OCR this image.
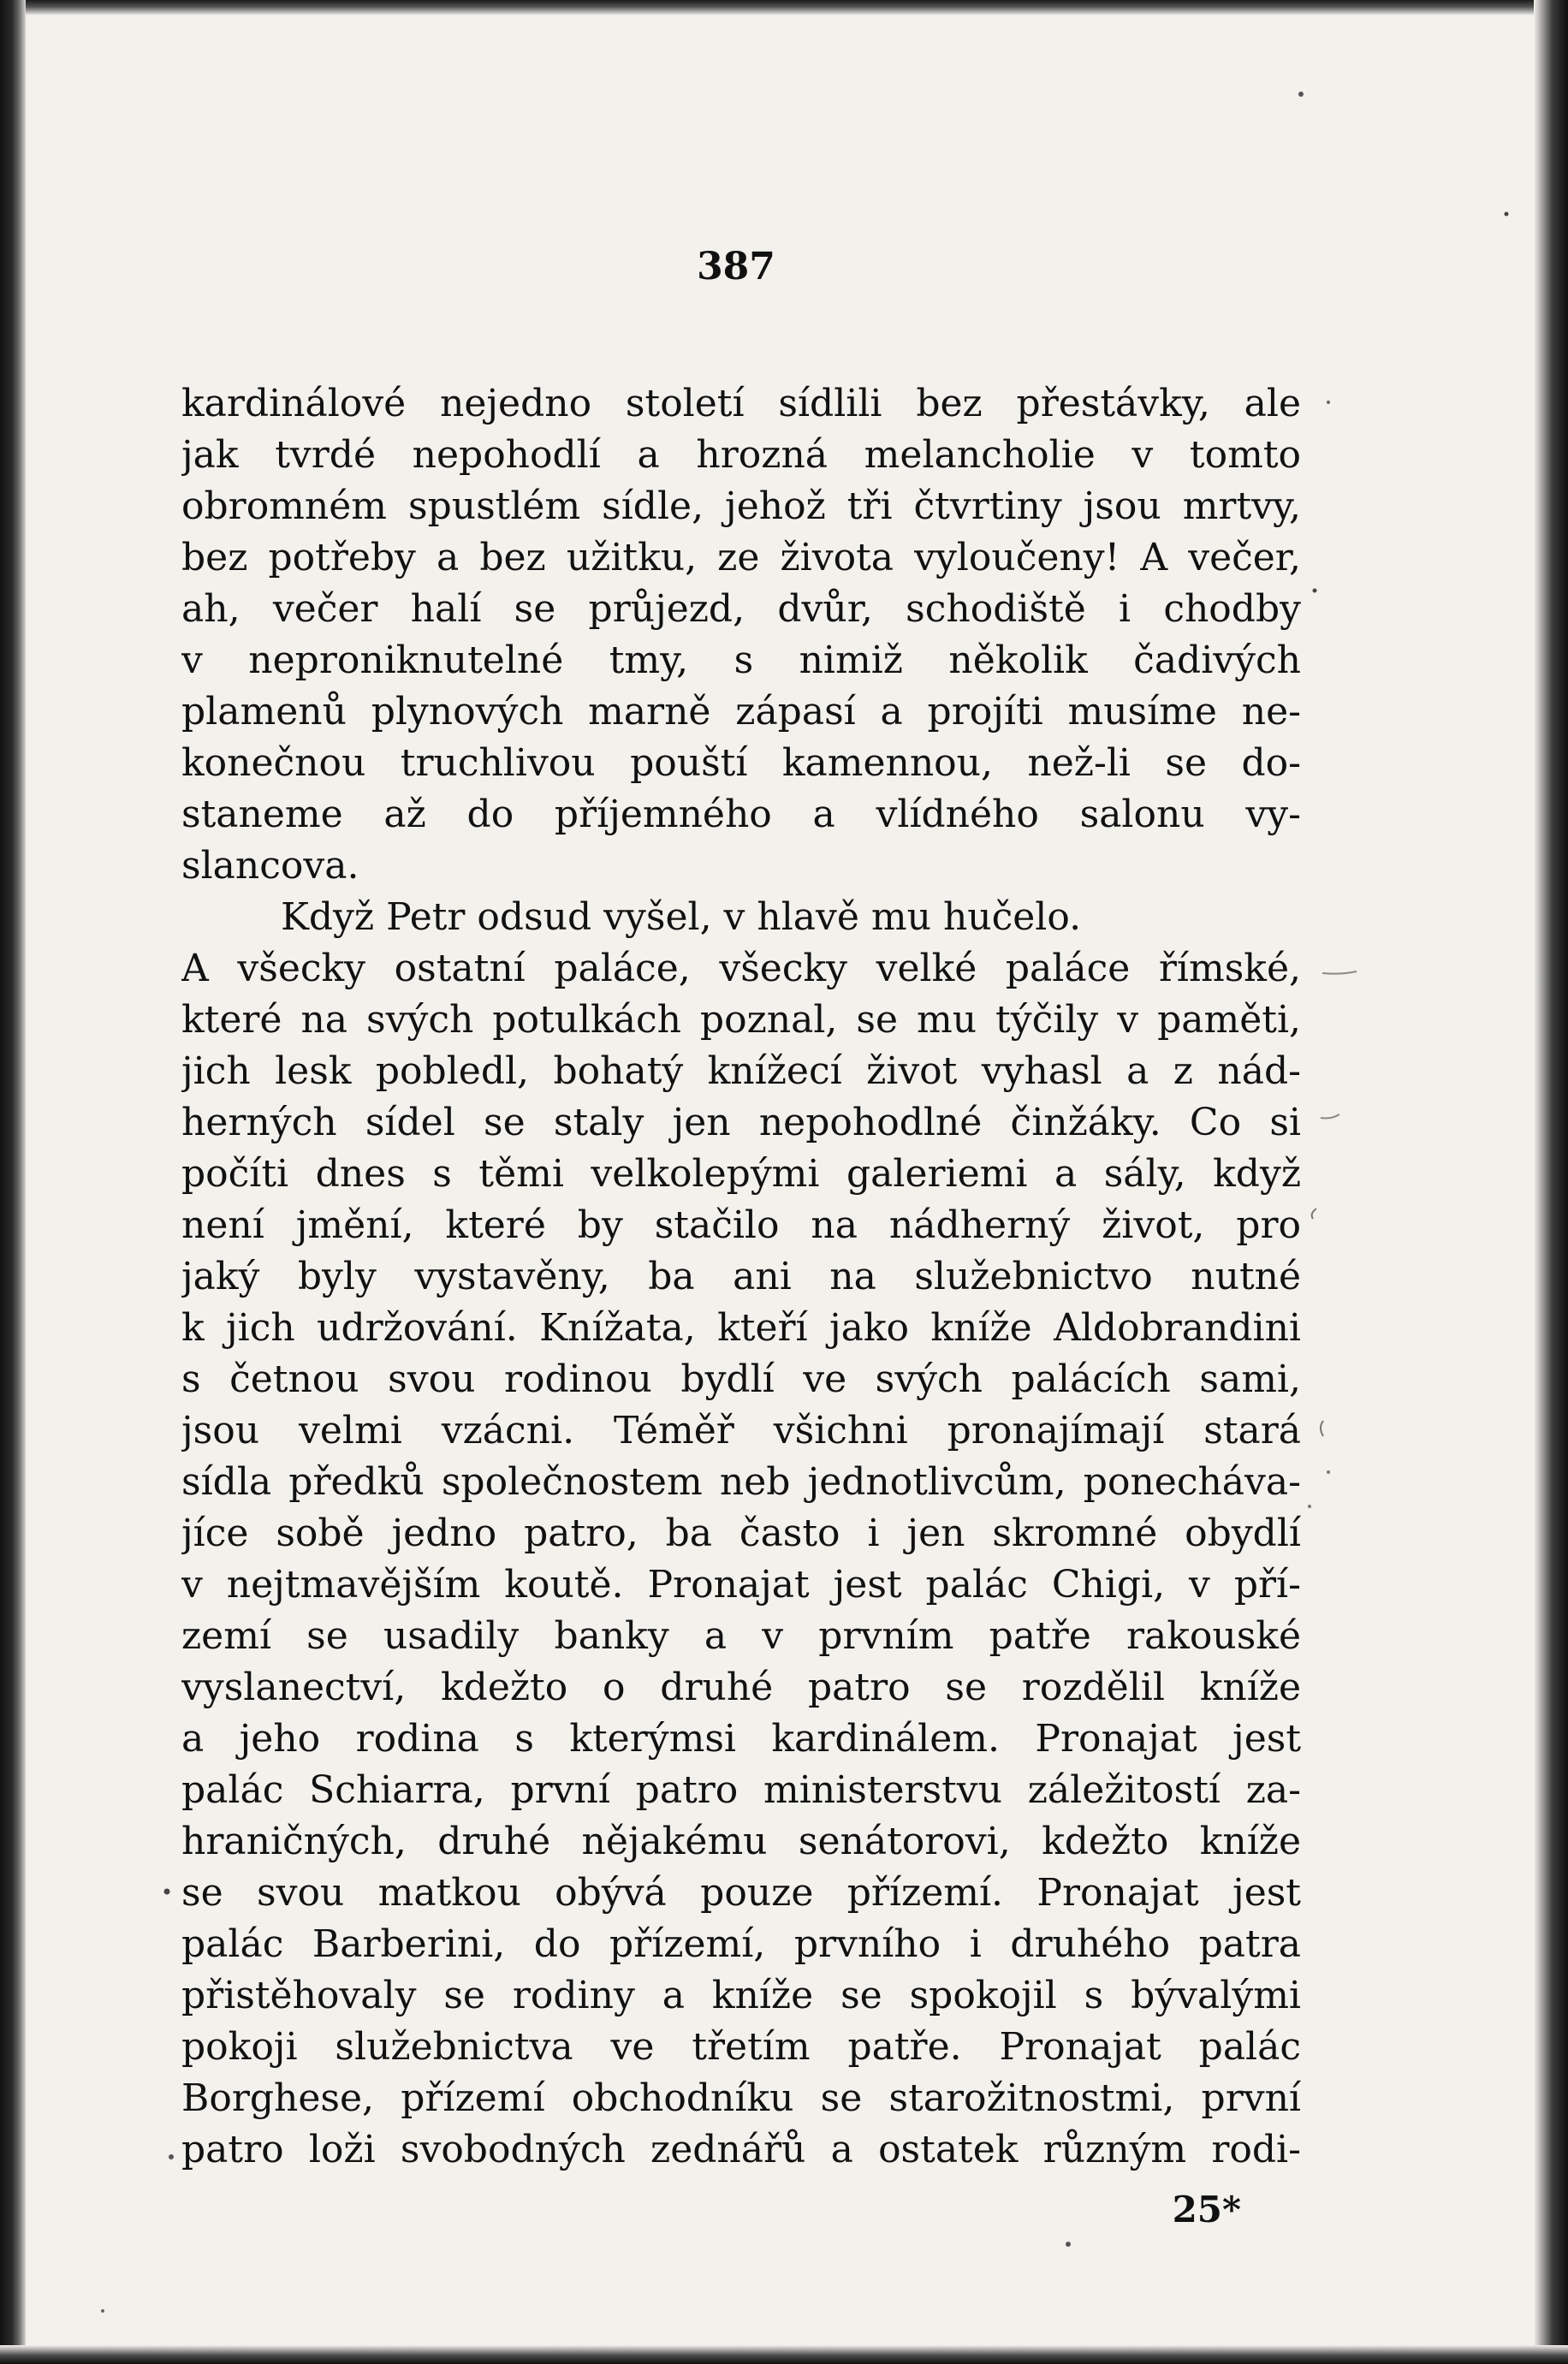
387
kardinálové nejedno století sídlili bez přestávky, ale
jak tvrdé nepohodlí a hrozná melancholie v tomto
obromném spustlém sídle, jehož tři čtvrtiny jsou mrtvy,
bez potřeby a bez užitku, ze života vyloučeny! A večer,
ah, večer halí se průjezd, dvůr, schodiště i chodby
v neproniknutelné tmy, s nimiž několik čadivých
plamenů plynových marně zápasí a projíti musíme ne-
konečnou truchlivou pouští kamennou, než-li se do-
staneme až do příjemného a vlídného salonu vy-
slancova.
Když Petr odsud vyšel, v hlavě mu hučelo.
A všecky ostatní paláce, všecky velké paláce římské,
které na svých potulkách poznal, se mu týčily v paměti,
jich lesk pobledl, bohatý knížecí život vyhasl a z nád-
herných sídel se staly jen nepohodlné činžáky. Co si
počíti dnes s těmi velkolepými galeriemi a sály, když
není jmění, které by stačilo na nádherný život, pro
jaký byly vystavěny, ba ani na služebnictvo nutné
k jich udržování. Knížata, kteří jako kníže Aldobrandini
s četnou svou rodinou bydlí ve svých palácích sami,
jsou velmi vzácni. Téměř všichni pronajímají stará
sídla předků společnostem neb jednotlivcům, ponecháva-
jíce sobě jedno patro, ba často i jen skromné obydlí
v nejtmavějším koutě. Pronajat jest palác Chigi, v pří-
zemí se usadily banky a v prvním patře rakouské
vyslanectví, kdežto o druhé patro se rozdělil kníže
a jeho rodina s kterýmsi kardinálem. Pronajat jest
palác Schiarra, první patro ministerstvu záležitostí za-
hraničných, druhé nějakému senátorovi, kdežto kníže
se svou matkou obývá pouze přízemí. Pronajat jest
palác Barberini, do přízemí, prvního i druhého patra
přistěhovaly se rodiny a kníže se spokojil s bývalými
pokoji služebnictva ve třetím patře. Pronajat palác
Borghese, přízemí obchodníku se starožitnostmi, první
patro loži svobodných zednářů a ostatek různým rodi-
25*
